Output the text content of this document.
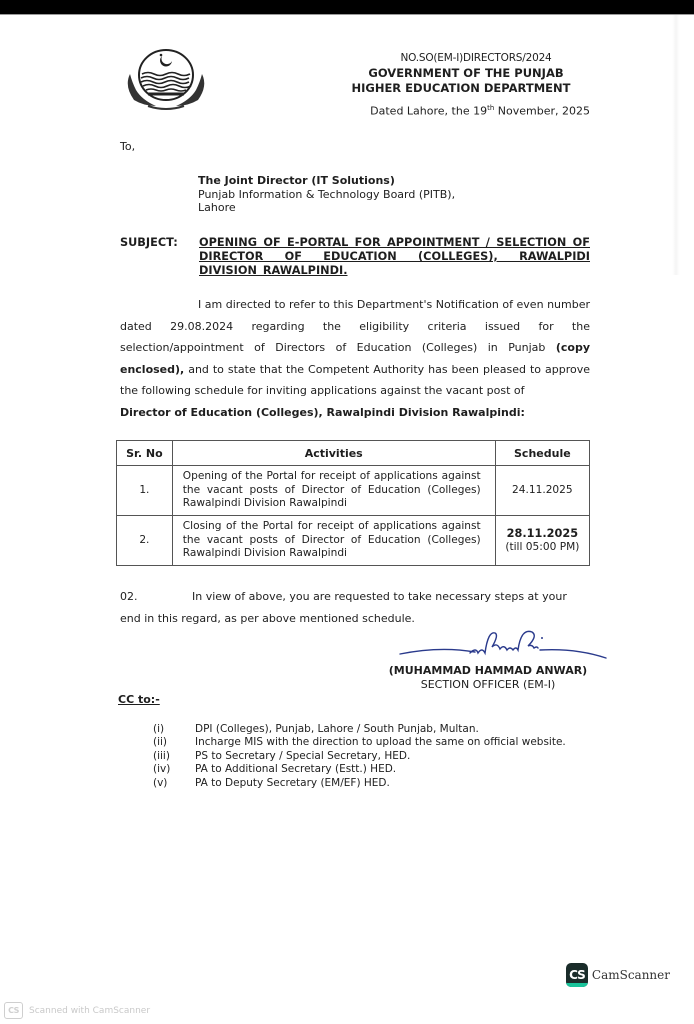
NO.SO(EM-I)DIRECTORS/2024
GOVERNMENT OF THE PUNJAB
HIGHER EDUCATION DEPARTMENT
Dated Lahore, the 19th November, 2025
To,
The Joint Director (IT Solutions)
Punjab Information & Technology Board (PITB),
Lahore
SUBJECT: OPENING OF E-PORTAL FOR APPOINTMENT / SELECTION OF DIRECTOR OF EDUCATION (COLLEGES), RAWALPIDI DIVISION RAWALPINDI.
I am directed to refer to this Department's Notification of even number dated 29.08.2024 regarding the eligibility criteria issued for the selection/appointment of Directors of Education (Colleges) in Punjab (copy enclosed), and to state that the Competent Authority has been pleased to approve the following schedule for inviting applications against the vacant post of
Director of Education (Colleges), Rawalpindi Division Rawalpindi:
Sr. No	Activities	Schedule
1.	Opening of the Portal for receipt of applications against the vacant posts of Director of Education (Colleges) Rawalpindi Division Rawalpindi	24.11.2025
2.	Closing of the Portal for receipt of applications against the vacant posts of Director of Education (Colleges) Rawalpindi Division Rawalpindi	28.11.2025
(till 05:00 PM)
02.	In view of above, you are requested to take necessary steps at your end in this regard, as per above mentioned schedule.
(MUHAMMAD HAMMAD ANWAR)
SECTION OFFICER (EM-I)
CC to:-
(i)	DPI (Colleges), Punjab, Lahore / South Punjab, Multan.
(ii)	Incharge MIS with the direction to upload the same on official website.
(iii)	PS to Secretary / Special Secretary, HED.
(iv)	PA to Additional Secretary (Estt.) HED.
(v)	PA to Deputy Secretary (EM/EF) HED.
CS CamScanner
CS	Scanned with CamScanner
